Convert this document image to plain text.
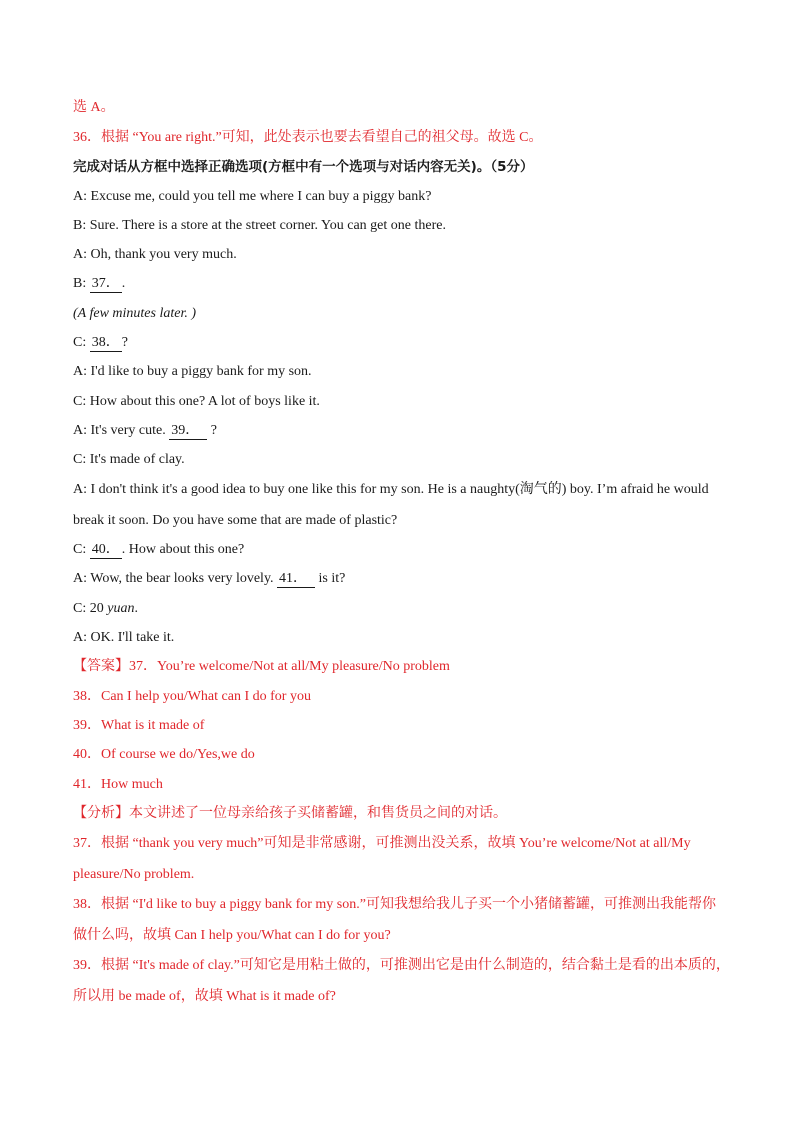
选 A。
36．根据 “You are right.”可知，此处表示也要去看望自己的祖父母。故选 C。
完成对话从方框中选择正确选项(方框中有一个选项与对话内容无关)。（5分）
A: Excuse me, could you tell me where I can buy a piggy bank?
B: Sure. There is a store at the street corner. You can get one there.
A: Oh, thank you very much.
B: 37． .
(A few minutes later. )
C: 38． ?
A: I'd like to buy a piggy bank for my son.
C: How about this one? A lot of boys like it.
A: It's very cute. 39． ?
C: It's made of clay.
A: I don't think it's a good idea to buy one like this for my son. He is a naughty(淘气的) boy. I’m afraid he would
break it soon. Do you have some that are made of plastic?
C: 40． . How about this one?
A: Wow, the bear looks very lovely. 41． is it?
C: 20 yuan.
A: OK. I'll take it.
【答案】37．You’re welcome/Not at all/My pleasure/No problem
38．Can I help you/What can I do for you
39．What is it made of
40．Of course we do/Yes,we do
41．How much
【分析】本文讲述了一位母亲给孩子买储蓄罐，和售货员之间的对话。
37．根据 “thank you very much”可知是非常感谢，可推测出没关系，故填 You’re welcome/Not at all/My
pleasure/No problem.
38．根据 “I'd like to buy a piggy bank for my son.”可知我想给我儿子买一个小猪储蓄罐，可推测出我能帮你
做什么吗，故填 Can I help you/What can I do for you?
39．根据 “It's made of clay.”可知它是用粘土做的，可推测出它是由什么制造的，结合黏土是看的出本质的，
所以用 be made of，故填 What is it made of?
